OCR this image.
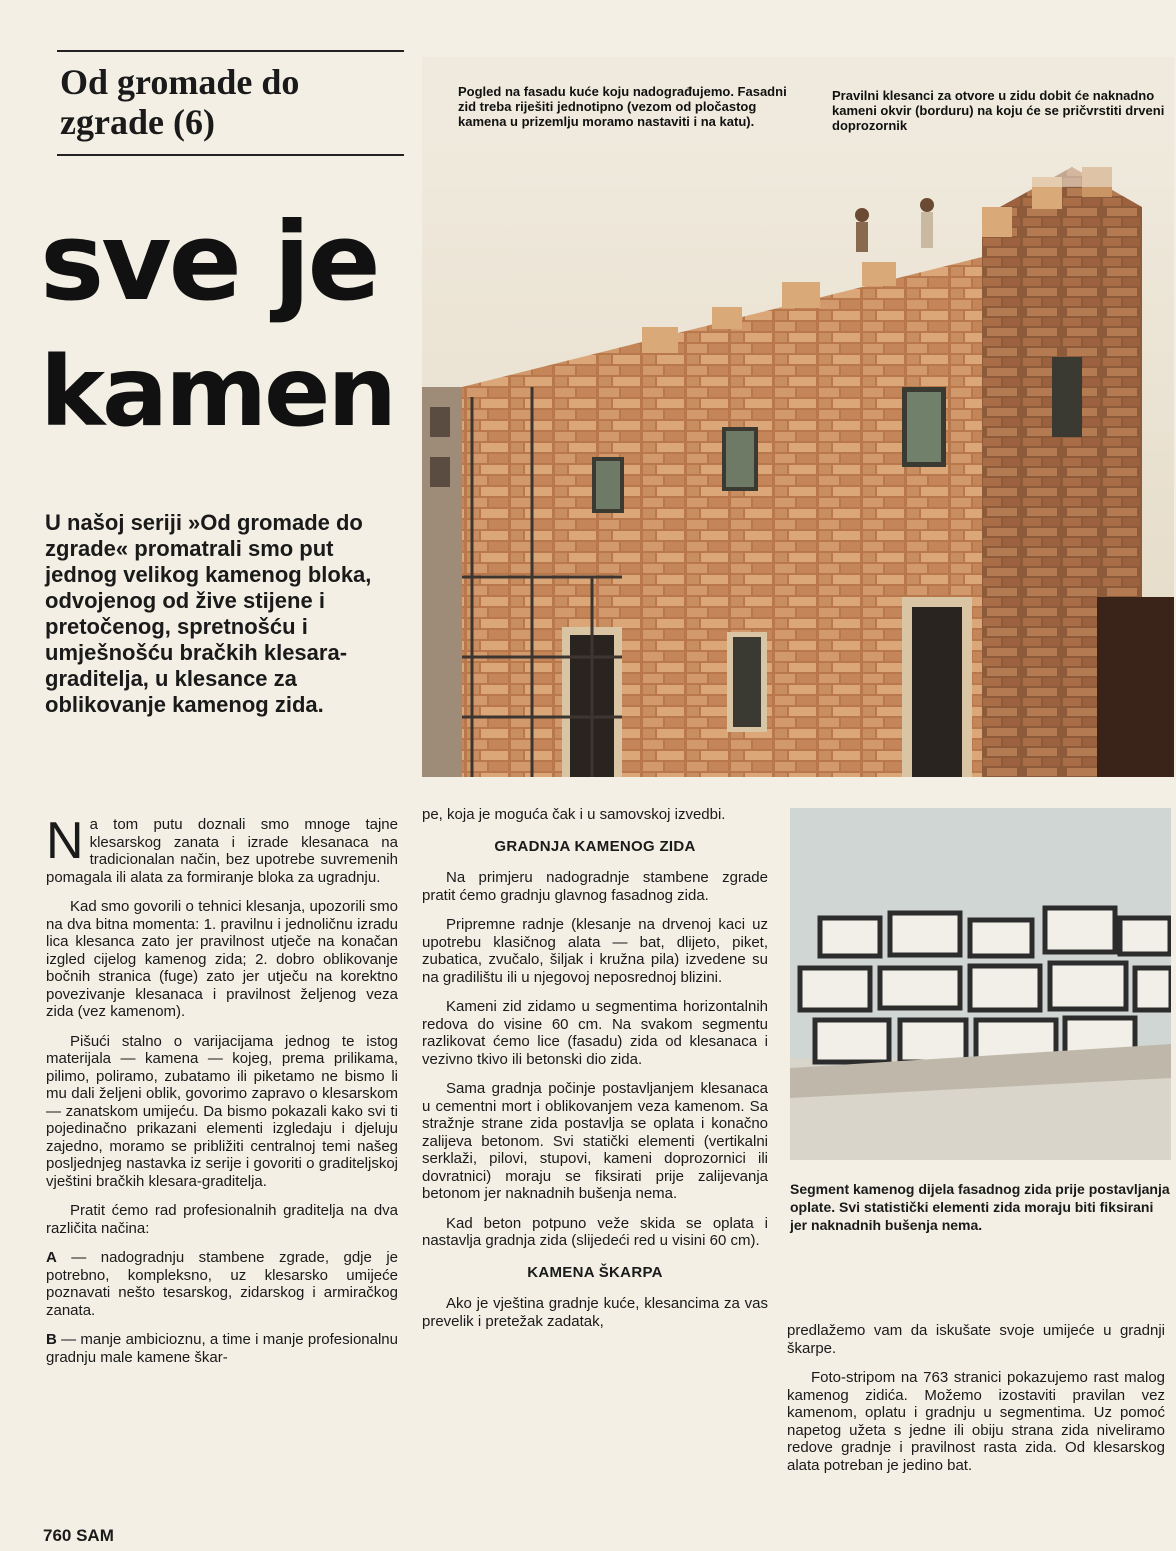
Od gromade do zgrade (6)
sve je
kamen

U našoj seriji »Od gromade do zgrade« promatrali smo put jednog velikog kamenog bloka, odvojenog od žive stijene i pretočenog, spretnošću i umješnošću bračkih klesara-graditelja, u klesance za oblikovanje kamenog zida.

Pogled na fasadu kuće koju nadograđujemo. Fasadni zid treba riješiti jednotipno (vezom od pločastog kamena u prizemlju moramo nastaviti i na katu).

Pravilni klesanci za otvore u zidu dobit će naknadno kameni okvir (borduru) na koju će se pričvrstiti drveni doprozornik

Segment kamenog dijela fasadnog zida prije postavljanja oplate. Svi statistički elementi zida moraju biti fiksirani jer naknadnih bušenja nema.

Na tom putu doznali smo mnoge tajne klesarskog zanata i izrade klesanaca na tradicionalan način, bez upotrebe suvremenih pomagala ili alata za formiranje bloka za ugradnju.

Kad smo govorili o tehnici klesanja, upozorili smo na dva bitna momenta: 1. pravilnu i jednoličnu izradu lica klesanca zato jer pravilnost utječe na konačan izgled cijelog kamenog zida; 2. dobro oblikovanje bočnih stranica (fuge) zato jer utječu na korektno povezivanje klesanaca i pravilnost željenog veza zida (vez kamenom).

Pišući stalno o varijacijama jednog te istog materijala — kamena — kojeg, prema prilikama, pilimo, poliramo, zubatamo ili piketamo ne bismo li mu dali željeni oblik, govorimo zapravo o klesarskom — zanatskom umijeću. Da bismo pokazali kako svi ti pojedinačno prikazani elementi izgledaju i djeluju zajedno, moramo se približiti centralnoj temi našeg posljednjeg nastavka iz serije i govoriti o graditeljskoj vještini bračkih klesara-graditelja.

Pratit ćemo rad profesionalnih graditelja na dva različita načina:

A — nadogradnju stambene zgrade, gdje je potrebno, kompleksno, uz klesarsko umijeće poznavati nešto tesarskog, zidarskog i armiračkog zanata.

B — manje ambicioznu, a time i manje profesionalnu gradnju male kamene škar-

pe, koja je moguća čak i u samovskoj izvedbi.

GRADNJA KAMENOG ZIDA

Na primjeru nadogradnje stambene zgrade pratit ćemo gradnju glavnog fasadnog zida.

Pripremne radnje (klesanje na drvenoj kaci uz upotrebu klasičnog alata — bat, dlijeto, piket, zubatica, zvučalo, šiljak i kružna pila) izvedene su na gradilištu ili u njegovoj neposrednoj blizini.

Kameni zid zidamo u segmentima horizontalnih redova do visine 60 cm. Na svakom segmentu razlikovat ćemo lice (fasadu) zida od klesanaca i vezivno tkivo ili betonski dio zida.

Sama gradnja počinje postavljanjem klesanaca u cementni mort i oblikovanjem veza kamenom. Sa stražnje strane zida postavlja se oplata i konačno zalijeva betonom. Svi statički elementi (vertikalni serklaži, pilovi, stupovi, kameni doprozornici ili dovratnici) moraju se fiksirati prije zalijevanja betonom jer naknadnih bušenja nema.

Kad beton potpuno veže skida se oplata i nastavlja gradnja zida (slijedeći red u visini 60 cm).

KAMENA ŠKARPA

Ako je vještina gradnje kuće, klesancima za vas prevelik i pretežak zadatak,

predlažemo vam da iskušate svoje umijeće u gradnji škarpe.

Foto-stripom na 763 stranici pokazujemo rast malog kamenog zidića. Možemo izostaviti pravilan vez kamenom, oplatu i gradnju u segmentima. Uz pomoć napetog užeta s jedne ili obiju strana zida niveliramo redove gradnje i pravilnost rasta zida. Od klesarskog alata potreban je jedino bat.

760 SAM
